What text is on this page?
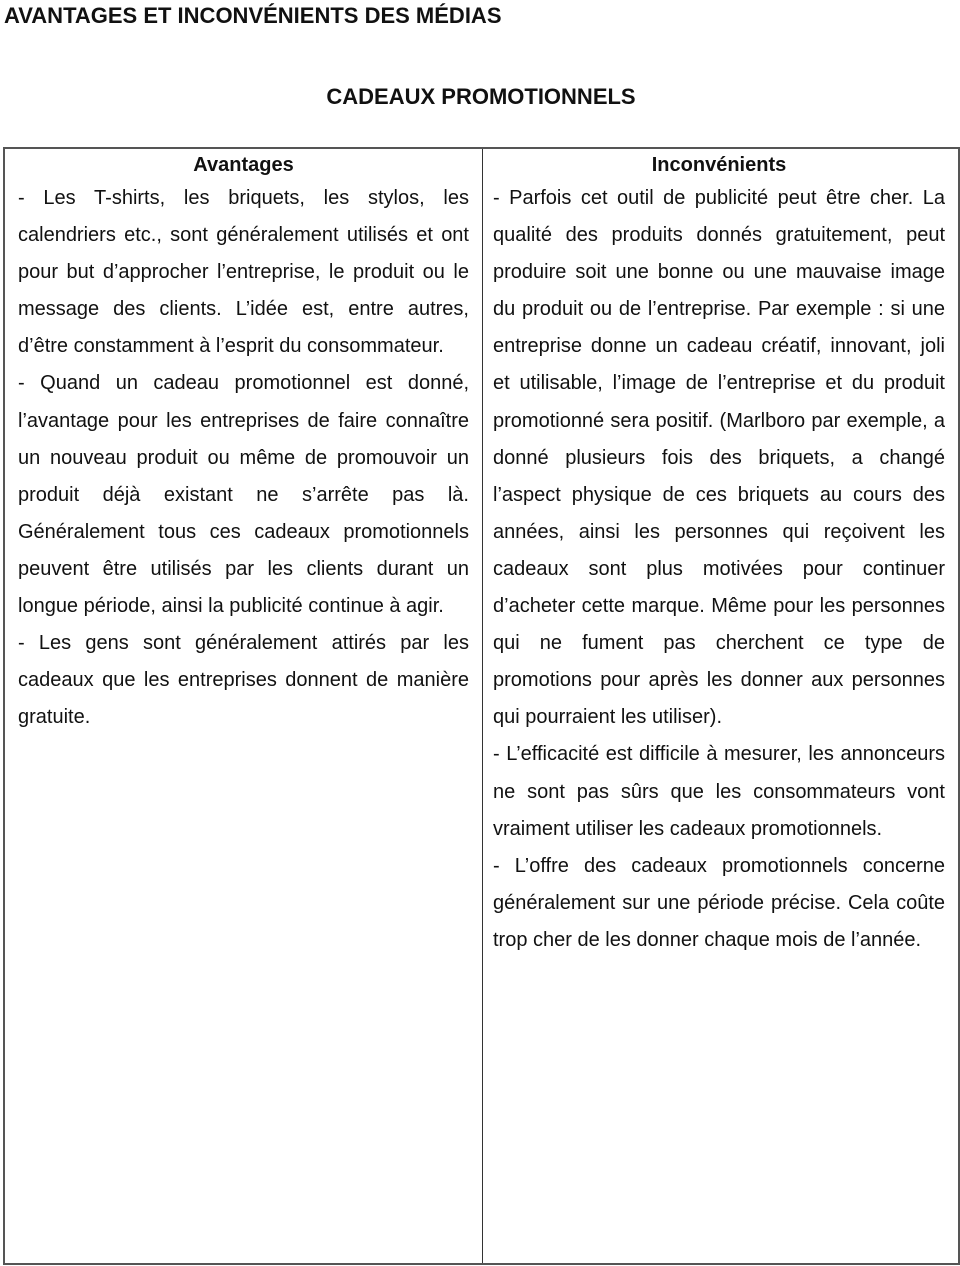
AVANTAGES ET INCONVÉNIENTS DES MÉDIAS
CADEAUX PROMOTIONNELS
Avantages

- Les T-shirts, les briquets, les stylos, les calendriers etc., sont généralement utilisés et ont pour but d’approcher l’entreprise, le produit ou le message des clients. L’idée est, entre autres, d’être constamment à l’esprit du consommateur.

- Quand un cadeau promotionnel est donné, l’avantage pour les entreprises de faire connaître un nouveau produit ou même de promouvoir un produit déjà existant ne s’arrête pas là. Généralement tous ces cadeaux promotionnels peuvent être utilisés par les clients durant un longue période, ainsi la publicité continue à agir.

- Les gens sont généralement attirés par les cadeaux que les entreprises donnent de manière gratuite.

Inconvénients

- Parfois cet outil de publicité peut être cher. La qualité des produits donnés gratuitement, peut produire soit une bonne ou une mauvaise image du produit ou de l’entreprise. Par exemple : si une entreprise donne un cadeau créatif, innovant, joli et utilisable, l’image de l’entreprise et du produit promotionné sera positif. (Marlboro par exemple, a donné plusieurs fois des briquets, a changé l’aspect physique de ces briquets au cours des années, ainsi les personnes qui reçoivent les cadeaux sont plus motivées pour continuer d’acheter cette marque. Même pour les personnes qui ne fument pas cherchent ce type de promotions pour après les donner aux personnes qui pourraient les utiliser).

- L’efficacité est difficile à mesurer, les annonceurs ne sont pas sûrs que les consommateurs vont vraiment utiliser les cadeaux promotionnels.

- L’offre des cadeaux promotionnels concerne généralement sur une période précise. Cela coûte trop cher de les donner chaque mois de l’année.
